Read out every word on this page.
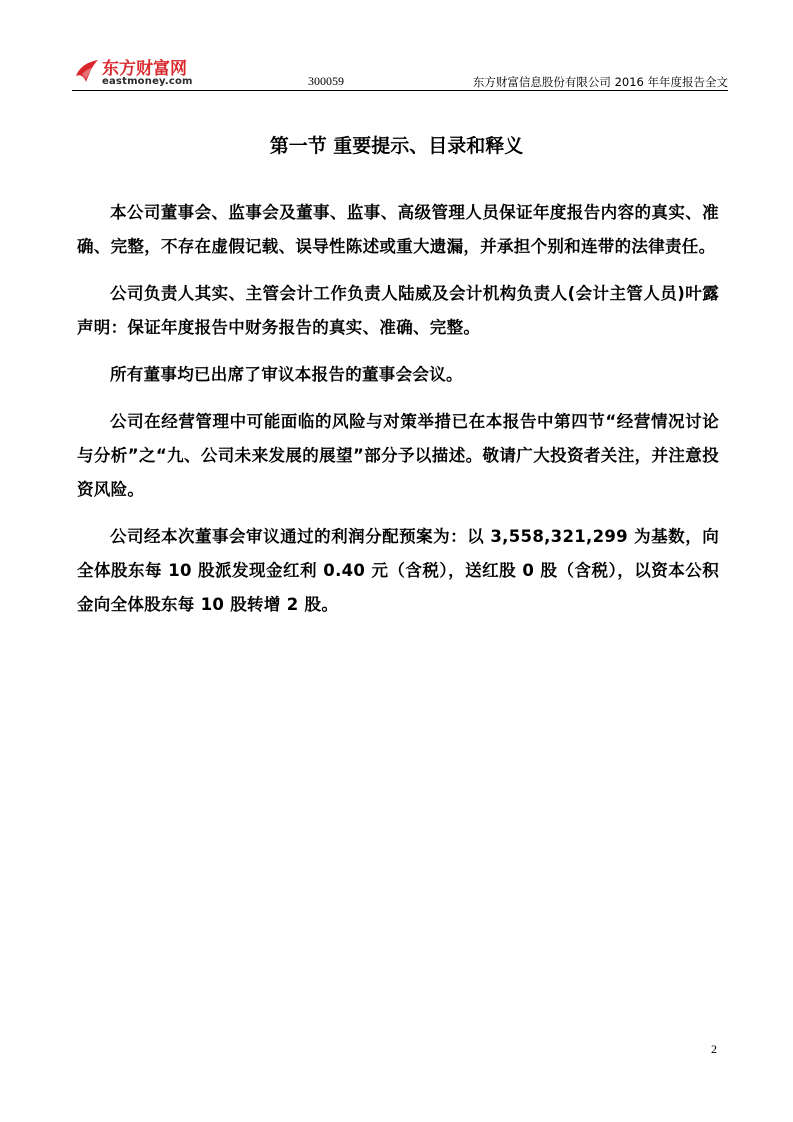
东方财富网
eastmoney.com	300059	东方财富信息股份有限公司 2016 年年度报告全文
第一节 重要提示、目录和释义

本公司董事会、监事会及董事、监事、高级管理人员保证年度报告内容的真实、准确、完整，不存在虚假记载、误导性陈述或重大遗漏，并承担个别和连带的法律责任。

公司负责人其实、主管会计工作负责人陆威及会计机构负责人(会计主管人员)叶露声明：保证年度报告中财务报告的真实、准确、完整。

所有董事均已出席了审议本报告的董事会会议。

公司在经营管理中可能面临的风险与对策举措已在本报告中第四节“经营情况讨论与分析”之“九、公司未来发展的展望”部分予以描述。敬请广大投资者关注，并注意投资风险。

公司经本次董事会审议通过的利润分配预案为：以 3,558,321,299 为基数，向全体股东每 10 股派发现金红利 0.40 元（含税），送红股 0 股（含税），以资本公积金向全体股东每 10 股转增 2 股。

2
